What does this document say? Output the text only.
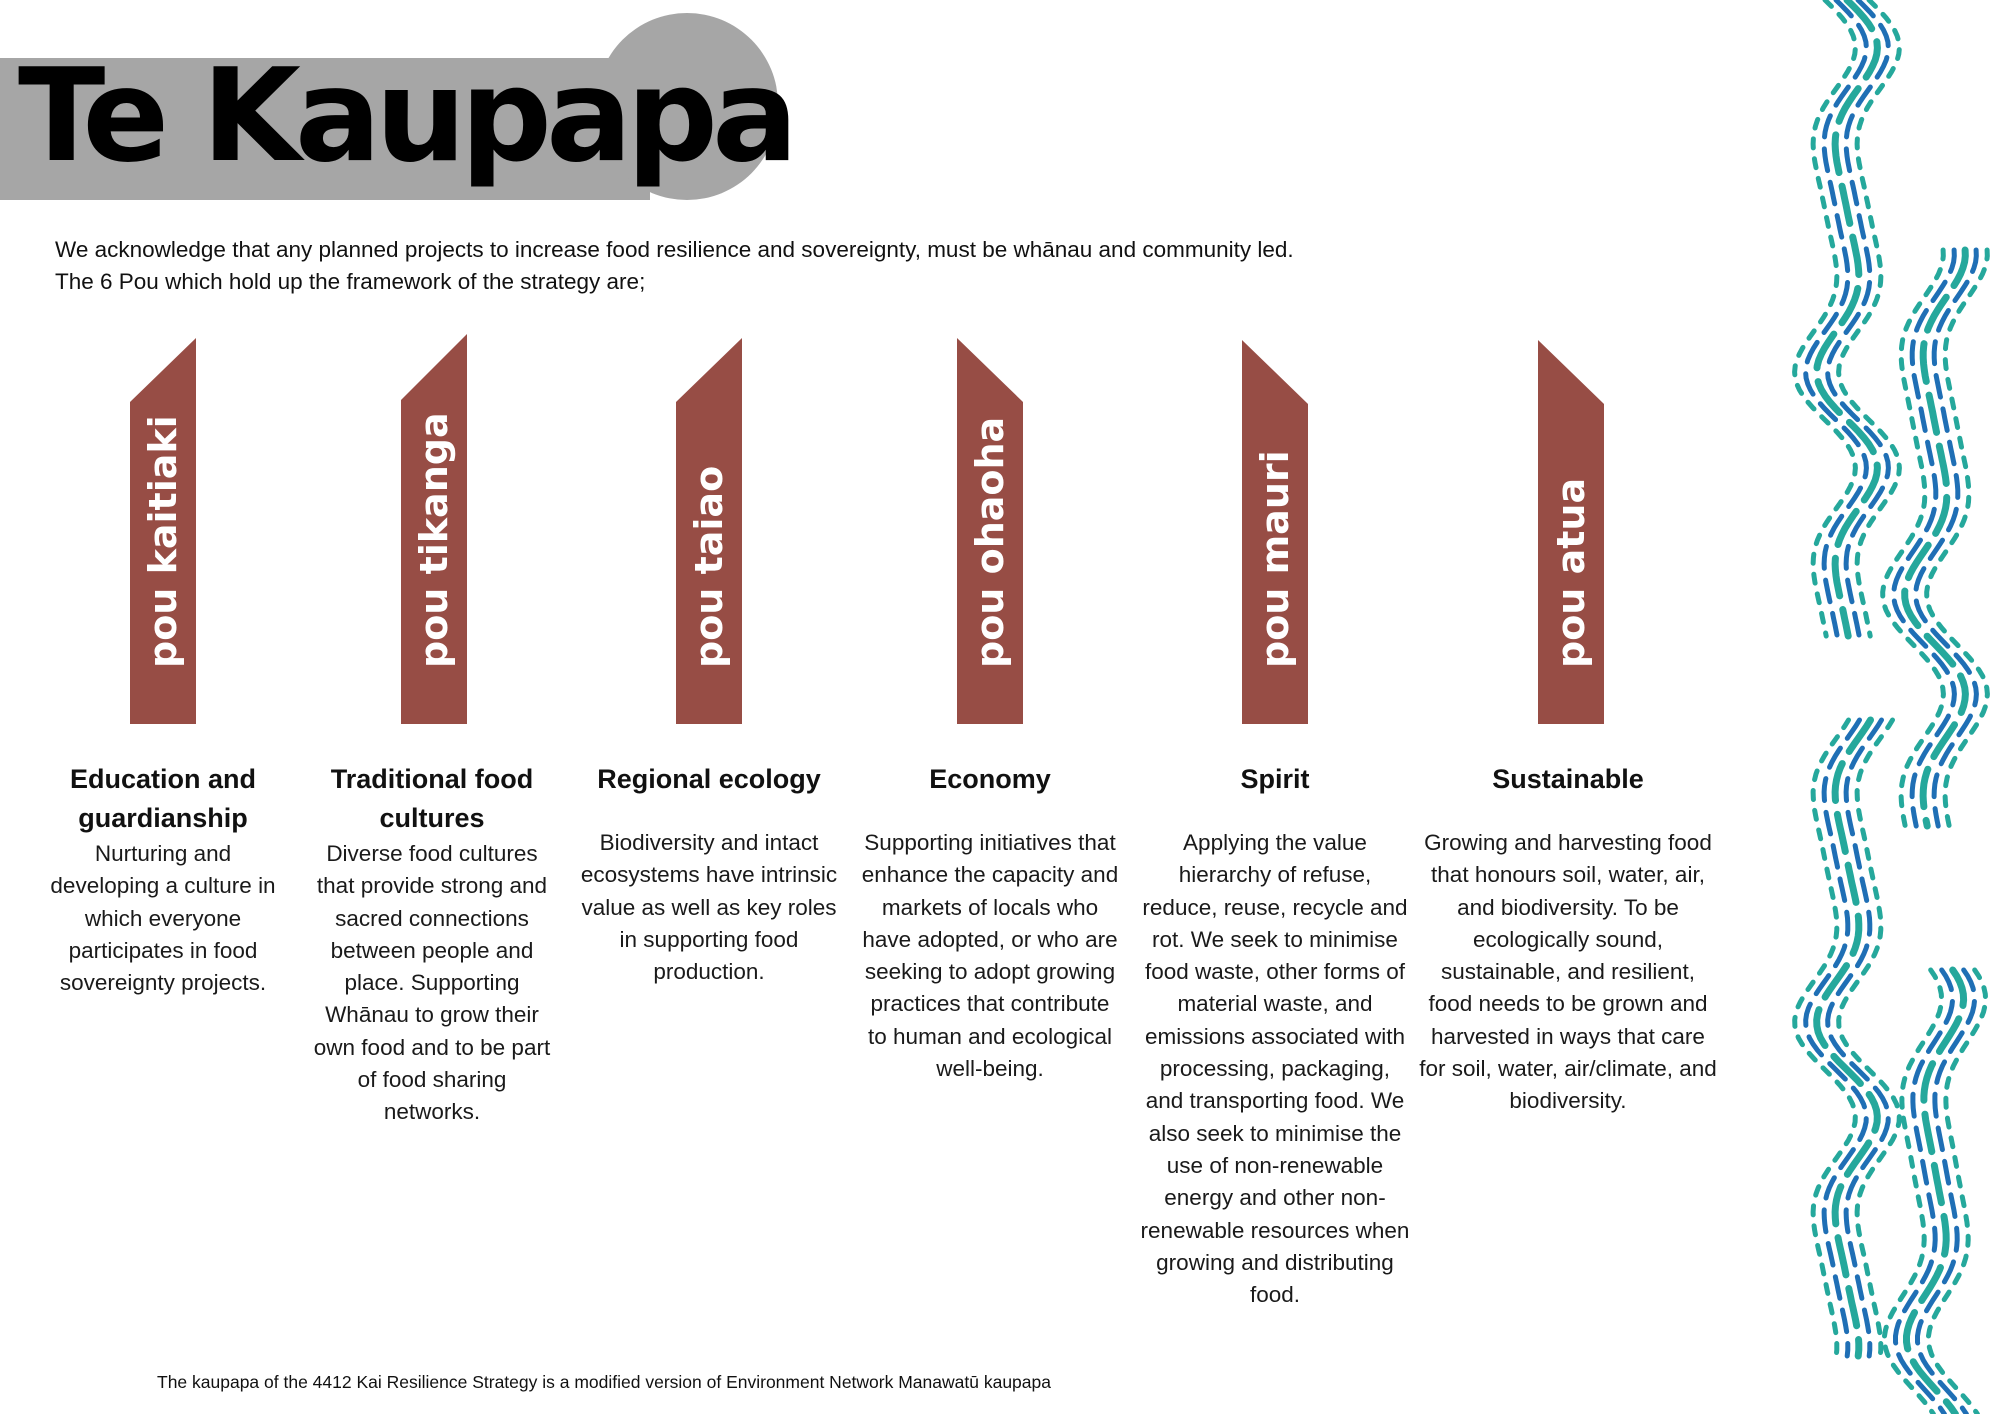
Te Kaupapa

We acknowledge that any planned projects to increase food resilience and sovereignty, must be whānau and community led.

The 6 Pou which hold up the framework of the strategy are;

pou kaitiaki	pou tikanga	pou taiao	pou ohaoha	pou mauri	pou atua
Education and guardianship

Nurturing and developing a culture in which everyone participates in food sovereignty projects.

Traditional food cultures

Diverse food cultures that provide strong and sacred connections between people and place. Supporting Whānau to grow their own food and to be part of food sharing networks.

Regional ecology

Biodiversity and intact ecosystems have intrinsic value as well as key roles in supporting food production.

Economy

Supporting initiatives that enhance the capacity and markets of locals who have adopted, or who are seeking to adopt growing practices that contribute to human and ecological well-being.

Spirit

Applying the value hierarchy of refuse, reduce, reuse, recycle and rot. We seek to minimise food waste, other forms of material waste, and emissions associated with processing, packaging, and transporting food. We also seek to minimise the use of non-renewable energy and other non-renewable resources when growing and distributing food.

Sustainable

Growing and harvesting food that honours soil, water, air, and biodiversity. To be ecologically sound, sustainable, and resilient, food needs to be grown and harvested in ways that care for soil, water, air/climate, and biodiversity.

The kaupapa of the 4412 Kai Resilience Strategy is a modified version of Environment Network Manawatū kaupapa
